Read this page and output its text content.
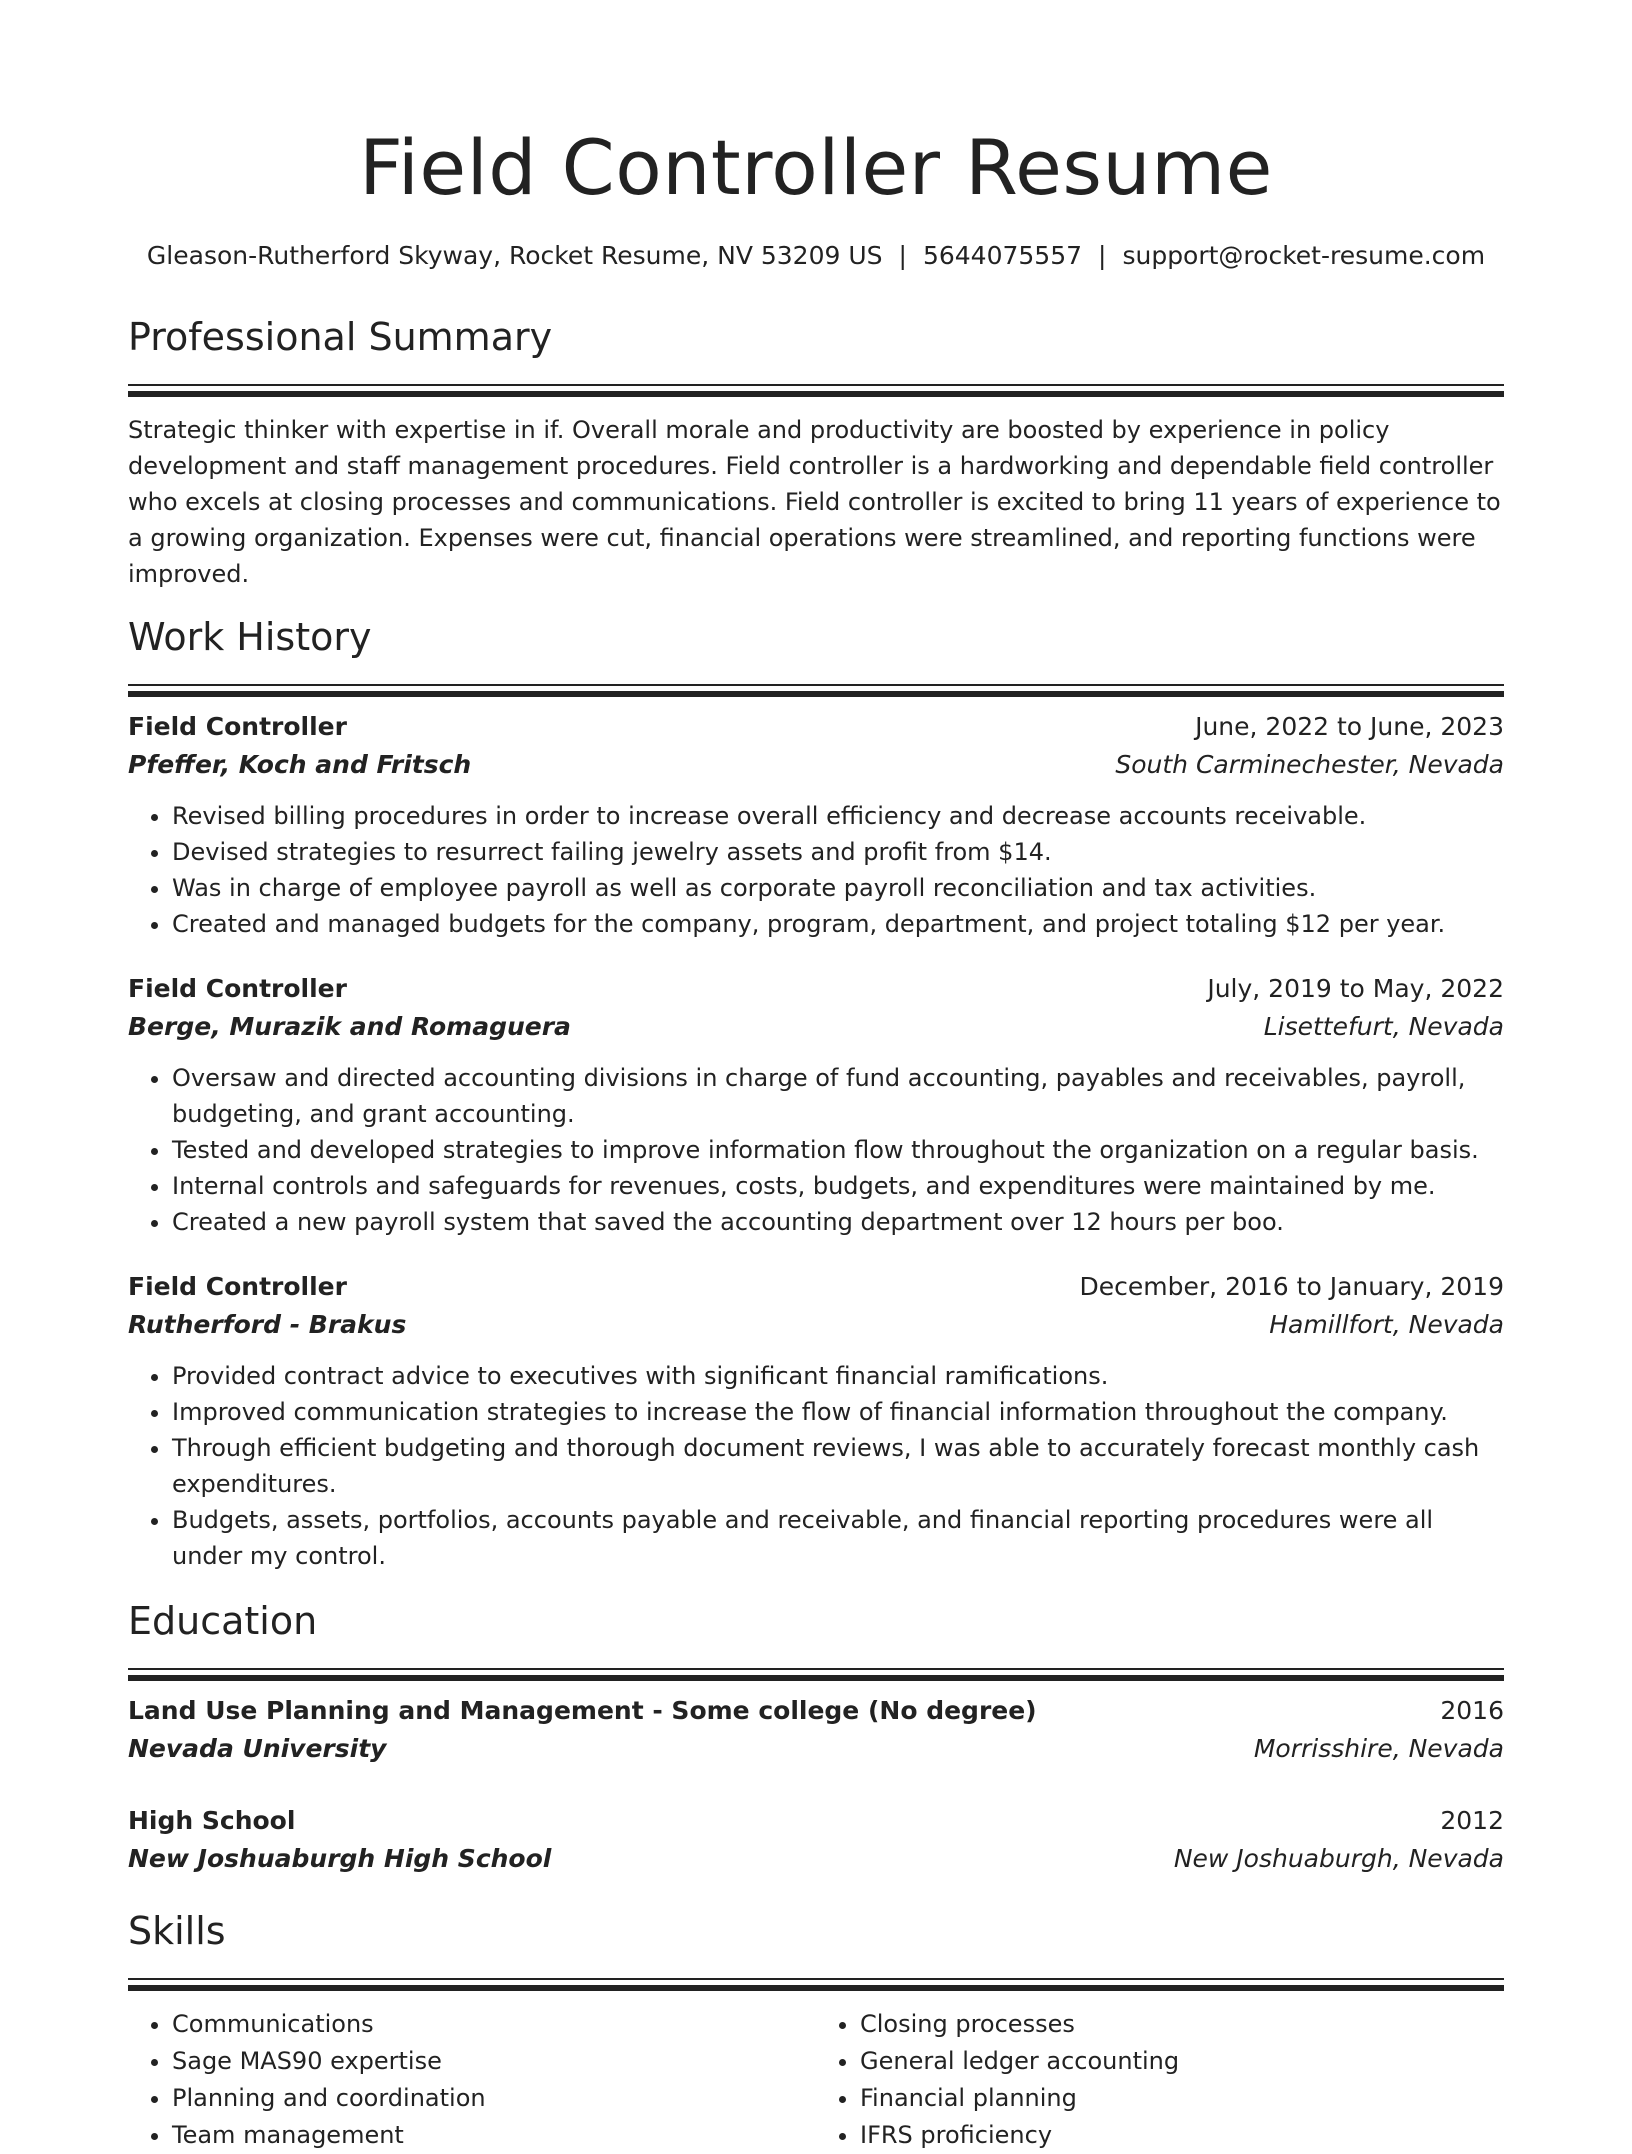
Field Controller Resume
Gleason-Rutherford Skyway, Rocket Resume, NV 53209 US | 5644075557 | support@rocket-resume.com
Professional Summary
Strategic thinker with expertise in if. Overall morale and productivity are boosted by experience in policy development and staff management procedures. Field controller is a hardworking and dependable field controller who excels at closing processes and communications. Field controller is excited to bring 11 years of experience to a growing organization. Expenses were cut, financial operations were streamlined, and reporting functions were improved.
Work History
Field Controller	June, 2022 to June, 2023
Pfeffer, Koch and Fritsch	South Carminechester, Nevada
• Revised billing procedures in order to increase overall efficiency and decrease accounts receivable.
• Devised strategies to resurrect failing jewelry assets and profit from $14.
• Was in charge of employee payroll as well as corporate payroll reconciliation and tax activities.
• Created and managed budgets for the company, program, department, and project totaling $12 per year.
Field Controller	July, 2019 to May, 2022
Berge, Murazik and Romaguera	Lisettefurt, Nevada
• Oversaw and directed accounting divisions in charge of fund accounting, payables and receivables, payroll, budgeting, and grant accounting.
• Tested and developed strategies to improve information flow throughout the organization on a regular basis.
• Internal controls and safeguards for revenues, costs, budgets, and expenditures were maintained by me.
• Created a new payroll system that saved the accounting department over 12 hours per boo.
Field Controller	December, 2016 to January, 2019
Rutherford - Brakus	Hamillfort, Nevada
• Provided contract advice to executives with significant financial ramifications.
• Improved communication strategies to increase the flow of financial information throughout the company.
• Through efficient budgeting and thorough document reviews, I was able to accurately forecast monthly cash expenditures.
• Budgets, assets, portfolios, accounts payable and receivable, and financial reporting procedures were all under my control.
Education
Land Use Planning and Management - Some college (No degree)	2016
Nevada University	Morrisshire, Nevada
High School	2012
New Joshuaburgh High School	New Joshuaburgh, Nevada
Skills
• Communications
• Sage MAS90 expertise
• Planning and coordination
• Team management
• Closing processes
• General ledger accounting
• Financial planning
• IFRS proficiency
